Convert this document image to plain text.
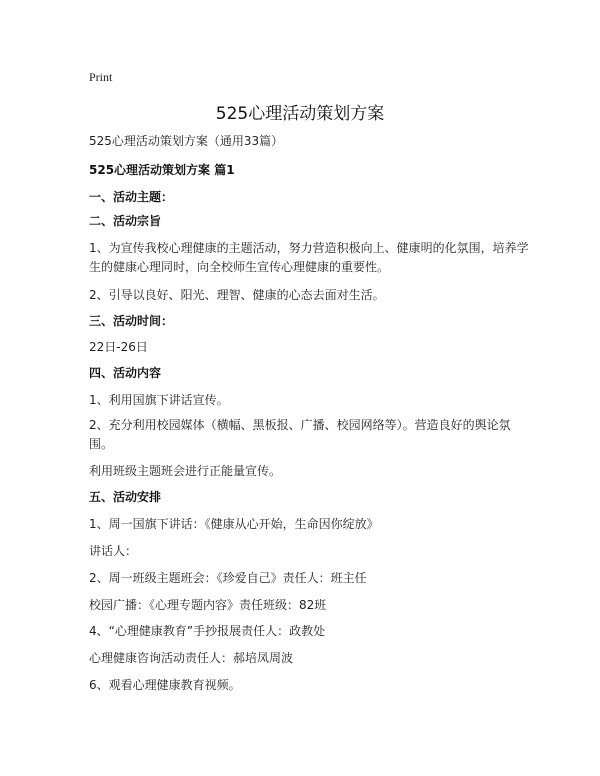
Print
525心理活动策划方案

525心理活动策划方案（通用33篇）

525心理活动策划方案 篇1

一、活动主题：

二、活动宗旨

1、为宣传我校心理健康的主题活动，努力营造积极向上、健康明的化氛围，培养学生的健康心理同时，向全校师生宣传心理健康的重要性。

2、引导以良好、阳光、理智、健康的心态去面对生活。

三、活动时间：

22日-26日

四、活动内容

1、利用国旗下讲话宣传。

2、充分利用校园媒体（横幅、黑板报、广播、校园网络等）。营造良好的舆论氛围。

利用班级主题班会进行正能量宣传。

五、活动安排

1、周一国旗下讲话：《健康从心开始，生命因你绽放》

讲话人：

2、周一班级主题班会：《珍爱自己》责任人：班主任

校园广播：《心理专题内容》责任班级：82班

4、“心理健康教育”手抄报展责任人：政教处

心理健康咨询活动责任人：郝培凤周波

6、观看心理健康教育视频。
